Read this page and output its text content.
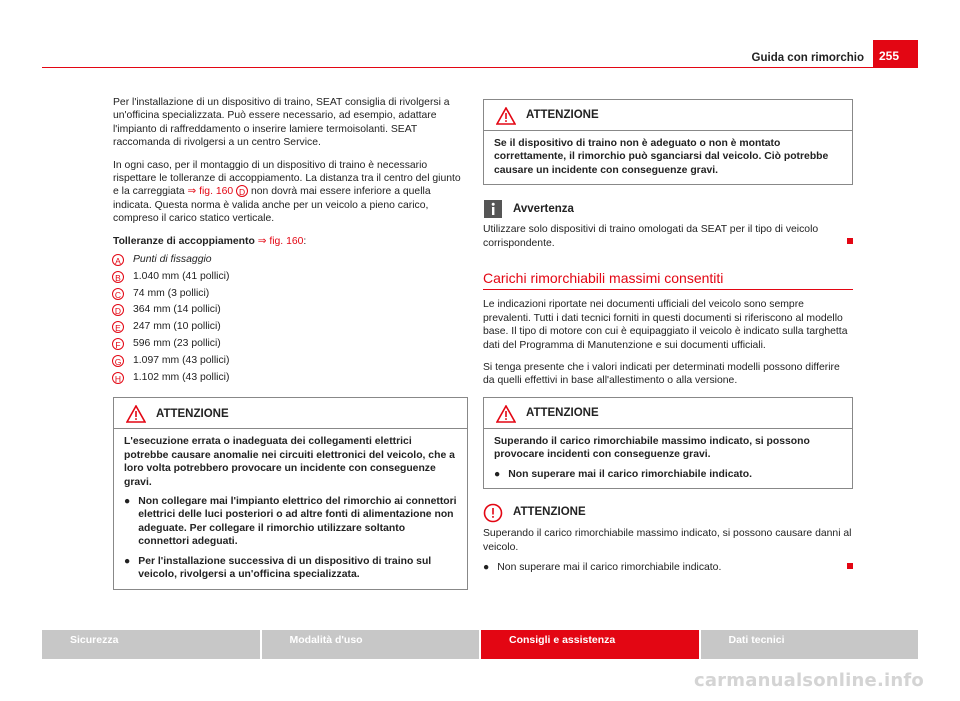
Guida con rimorchio	255

Per l'installazione di un dispositivo di traino, SEAT consiglia di rivolgersi a un'officina specializzata. Può essere necessario, ad esempio, adattare l'impianto di raffreddamento o inserire lamiere termoisolanti. SEAT raccomanda di rivolgersi a un centro Service.

In ogni caso, per il montaggio di un dispositivo di traino è necessario rispettare le tolleranze di accoppiamento. La distanza tra il centro del giunto e la carreggiata ⇒ fig. 160 D non dovrà mai essere inferiore a quella indicata. Questa norma è valida anche per un veicolo a pieno carico, compreso il carico statico verticale.

Tolleranze di accoppiamento ⇒ fig. 160:
A	Punti di fissaggio
B	1.040 mm (41 pollici)
C 74 mm (3 pollici)
D 364 mm (14 pollici)
E	247 mm (10 pollici)
F	596 mm (23 pollici)
G 1.097 mm (43 pollici)
H 1.102 mm (43 pollici)
ATTENZIONE

L'esecuzione errata o inadeguata dei collegamenti elettrici potrebbe causare anomalie nei circuiti elettronici del veicolo, che a loro volta potrebbero provocare un incidente con conseguenze gravi.

● Non collegare mai l'impianto elettrico del rimorchio ai connettori elettrici delle luci posteriori o ad altre fonti di alimentazione non adeguate. Per collegare il rimorchio utilizzare soltanto connettori adeguati.
● Per l'installazione successiva di un dispositivo di traino sul veicolo, rivolgersi a un'officina specializzata.
ATTENZIONE

Se il dispositivo di traino non è adeguato o non è montato correttamente, il rimorchio può sganciarsi dal veicolo. Ciò potrebbe causare un incidente con conseguenze gravi.

Avvertenza

Utilizzare solo dispositivi di traino omologati da SEAT per il tipo di veicolo corrispondente.

Carichi rimorchiabili massimi consentiti

Le indicazioni riportate nei documenti ufficiali del veicolo sono sempre prevalenti. Tutti i dati tecnici forniti in questi documenti si riferiscono al modello base. Il tipo di motore con cui è equipaggiato il veicolo è indicato sulla targhetta dati del Programma di Manutenzione e sui documenti ufficiali.

Si tenga presente che i valori indicati per determinati modelli possono differire da quelli effettivi in base all'allestimento o alla versione.

ATTENZIONE

Superando il carico rimorchiabile massimo indicato, si possono provocare incidenti con conseguenze gravi.

● Non superare mai il carico rimorchiabile indicato.
ATTENZIONE

Superando il carico rimorchiabile massimo indicato, si possono causare danni al veicolo.

● Non superare mai il carico rimorchiabile indicato.
Sicurezza	Modalità d'uso	Consigli e assistenza	Dati tecnici
carmanualsonline.info
